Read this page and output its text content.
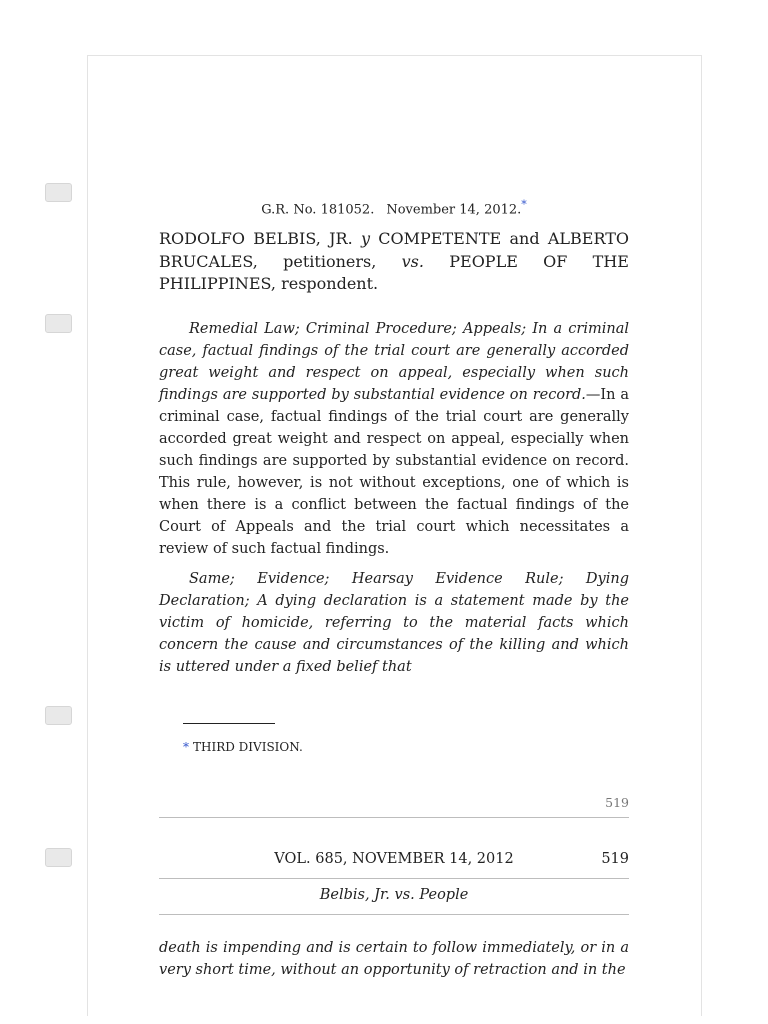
G.R. No. 181052. November 14, 2012.*
RODOLFO BELBIS, JR. y COMPETENTE and ALBERTO BRUCALES, petitioners, vs. PEOPLE OF THE PHILIPPINES, respondent.

Remedial Law; Criminal Procedure; Appeals; In a criminal case, factual findings of the trial court are generally accorded great weight and respect on appeal, especially when such findings are supported by substantial evidence on record.—In a criminal case, factual findings of the trial court are generally accorded great weight and respect on appeal, especially when such findings are supported by substantial evidence on record. This rule, however, is not without exceptions, one of which is when there is a conflict between the factual findings of the Court of Appeals and the trial court which necessitates a review of such factual findings.

Same; Evidence; Hearsay Evidence Rule; Dying Declaration; A dying declaration is a statement made by the victim of homicide, referring to the material facts which concern the cause and circumstances of the killing and which is uttered under a fixed belief that

* THIRD DIVISION.
519
VOL. 685, NOVEMBER 14, 2012	519
Belbis, Jr. vs. People
death is impending and is certain to follow immediately, or in a very short time, without an opportunity of retraction and in the
